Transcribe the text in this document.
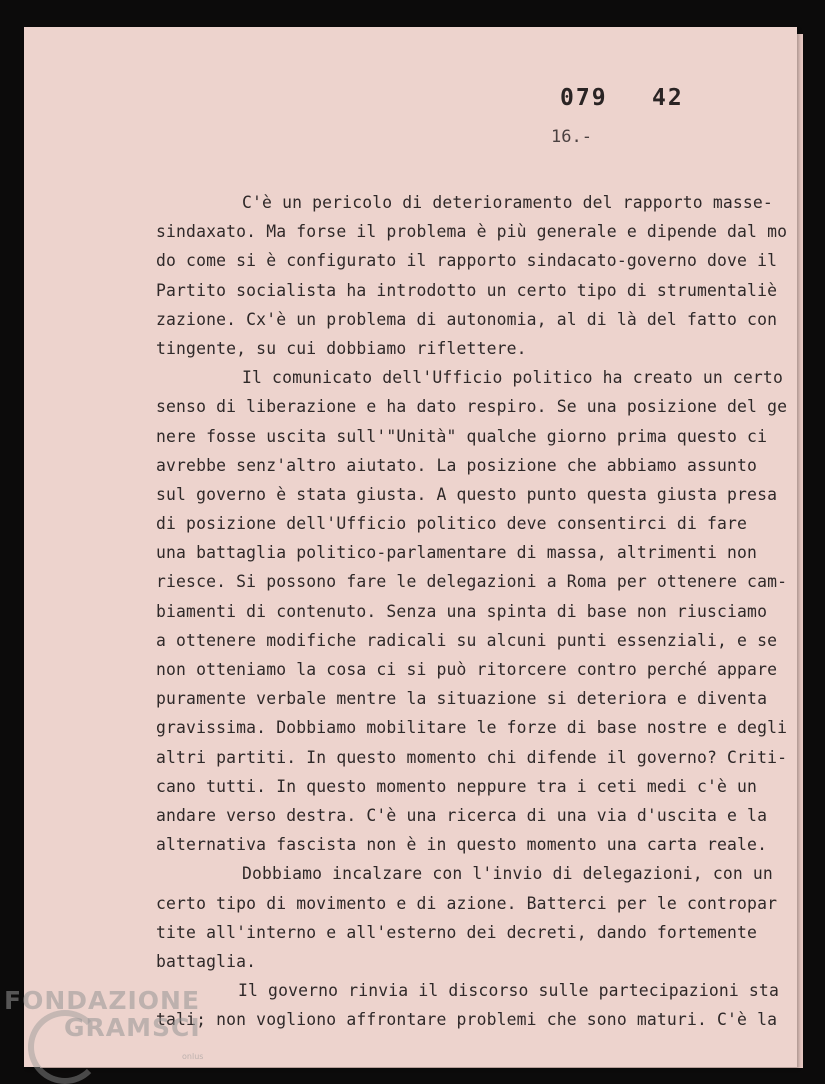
079 42
16.-
C'è un pericolo di deterioramento del rapporto masse-
sindaxato. Ma forse il problema è più generale e dipende dal mo
do come si è configurato il rapporto sindacato-governo dove il
Partito socialista ha introdotto un certo tipo di strumentaliè
zazione. Cx'è un problema di autonomia, al di là del fatto con
tingente, su cui dobbiamo riflettere.
Il comunicato dell'Ufficio politico ha creato un certo
senso di liberazione e ha dato respiro. Se una posizione del ge
nere fosse uscita sull'"Unità" qualche giorno prima questo ci
avrebbe senz'altro aiutato. La posizione che abbiamo assunto
sul governo è stata giusta. A questo punto questa giusta presa
di posizione dell'Ufficio politico deve consentirci di fare
una battaglia politico-parlamentare di massa, altrimenti non
riesce. Si possono fare le delegazioni a Roma per ottenere cam-
biamenti di contenuto. Senza una spinta di base non riusciamo
a ottenere modifiche radicali su alcuni punti essenziali, e se
non otteniamo la cosa ci si può ritorcere contro perché appare
puramente verbale mentre la situazione si deteriora e diventa
gravissima. Dobbiamo mobilitare le forze di base nostre e degli
altri partiti. In questo momento chi difende il governo? Criti-
cano tutti. In questo momento neppure tra i ceti medi c'è un
andare verso destra. C'è una ricerca di una via d'uscita e la
alternativa fascista non è in questo momento una carta reale.
Dobbiamo incalzare con l'invio di delegazioni, con un
certo tipo di movimento e di azione. Batterci per le contropar
tite all'interno e all'esterno dei decreti, dando fortemente
battaglia.
Il governo rinvia il discorso sulle partecipazioni sta
tali; non vogliono affrontare problemi che sono maturi. C'è la
FONDAZIONE
GRAMSCI
onlus
